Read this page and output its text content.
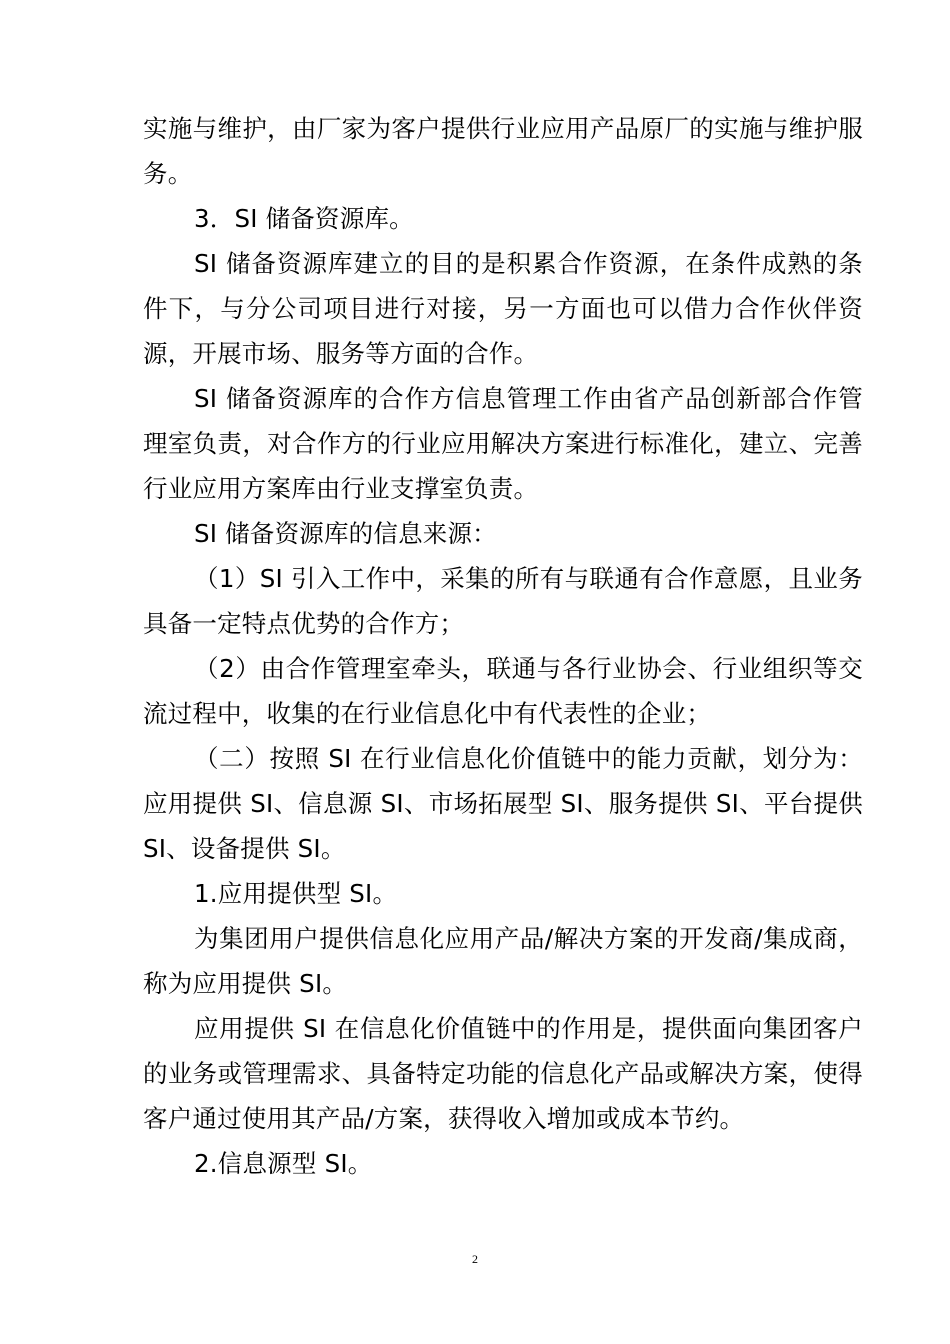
实施与维护，由厂家为客户提供行业应用产品原厂的实施与维护服务。

3．SI 储备资源库。

SI 储备资源库建立的目的是积累合作资源，在条件成熟的条件下，与分公司项目进行对接，另一方面也可以借力合作伙伴资源，开展市场、服务等方面的合作。

SI 储备资源库的合作方信息管理工作由省产品创新部合作管理室负责，对合作方的行业应用解决方案进行标准化，建立、完善行业应用方案库由行业支撑室负责。

SI 储备资源库的信息来源：

（1）SI 引入工作中，采集的所有与联通有合作意愿，且业务具备一定特点优势的合作方；

（2）由合作管理室牵头，联通与各行业协会、行业组织等交流过程中，收集的在行业信息化中有代表性的企业；

（二）按照 SI 在行业信息化价值链中的能力贡献，划分为：应用提供 SI、信息源 SI、市场拓展型 SI、服务提供 SI、平台提供 SI、设备提供 SI。

1.应用提供型 SI。

为集团用户提供信息化应用产品/解决方案的开发商/集成商，称为应用提供 SI。

应用提供 SI 在信息化价值链中的作用是，提供面向集团客户的业务或管理需求、具备特定功能的信息化产品或解决方案，使得客户通过使用其产品/方案，获得收入增加或成本节约。

2.信息源型 SI。

2
